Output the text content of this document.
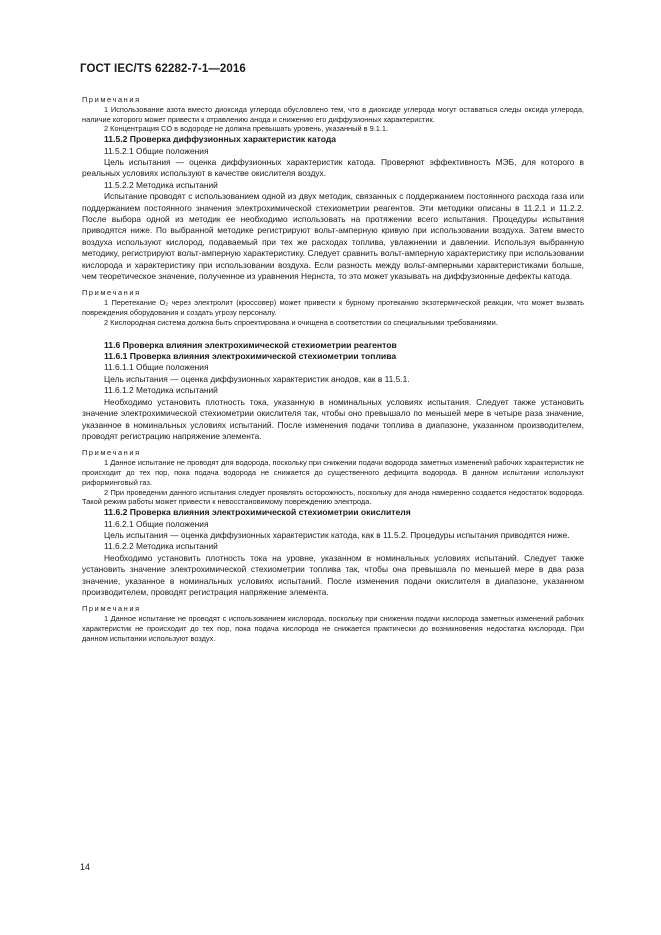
ГОСТ IEC/TS 62282-7-1—2016

Примечания

1 Использование азота вместо диоксида углерода обусловлено тем, что в диоксиде углерода могут оставаться следы оксида углерода, наличие которого может привести к отравлению анода и снижению его диффузионных характеристик.

2 Концентрация CO в водороде не должна превышать уровень, указанный в 9.1.1.

11.5.2 Проверка диффузионных характеристик катода

11.5.2.1 Общие положения

Цель испытания — оценка диффузионных характеристик катода. Проверяют эффективность МЭБ, для которого в реальных условиях используют в качестве окислителя воздух.

11.5.2.2 Методика испытаний

Испытание проводят с использованием одной из двух методик, связанных с поддержанием постоянного расхода газа или поддержанием постоянного значения электрохимической стехиометрии реагентов. Эти методики описаны в 11.2.1 и 11.2.2. После выбора одной из методик ее необходимо использовать на протяжении всего испытания. Процедуры испытания приводятся ниже. По выбранной методике регистрируют вольт-амперную кривую при использовании воздуха. Затем вместо воздуха используют кислород, подаваемый при тех же расходах топлива, увлажнении и давлении. Используя выбранную методику, регистрируют вольт-амперную характеристику. Следует сравнить вольт-амперную характеристику при использовании кислорода и характеристику при использовании воздуха. Если разность между вольт-амперными характеристиками больше, чем теоретическое значение, полученное из уравнения Нернста, то это может указывать на диффузионные дефекты катода.

Примечания

1 Перетекание O₂ через электролит (кроссовер) может привести к бурному протеканию экзотермической реакции, что может вызвать повреждения оборудования и создать угрозу персоналу.

2 Кислородная система должна быть спроектирована и очищена в соответствии со специальными требованиями.

11.6 Проверка влияния электрохимической стехиометрии реагентов

11.6.1 Проверка влияния электрохимической стехиометрии топлива

11.6.1.1 Общие положения

Цель испытания — оценка диффузионных характеристик анодов, как в 11.5.1.

11.6.1.2 Методика испытаний

Необходимо установить плотность тока, указанную в номинальных условиях испытания. Следует также установить значение электрохимической стехиометрии окислителя так, чтобы оно превышало по меньшей мере в четыре раза значение, указанное в номинальных условиях испытаний. После изменения подачи топлива в диапазоне, указанном производителем, проводят регистрацию напряжение элемента.

Примечания

1 Данное испытание не проводят для водорода, поскольку при снижении подачи водорода заметных изменений рабочих характеристик не происходит до тех пор, пока подача водорода не снижается до существенного дефицита водорода. В данном испытании используют риформинговый газ.

2 При проведении данного испытания следует проявлять осторожность, поскольку для анода намеренно создается недостаток водорода. Такой режим работы может привести к невосстановимому повреждению электрода.

11.6.2 Проверка влияния электрохимической стехиометрии окислителя

11.6.2.1 Общие положения

Цель испытания — оценка диффузионных характеристик катода, как в 11.5.2. Процедуры испытания приводятся ниже.

11.6.2.2 Методика испытаний

Необходимо установить плотность тока на уровне, указанном в номинальных условиях испытаний. Следует также установить значение электрохимической стехиометрии топлива так, чтобы она превышала по меньшей мере в два раза значение, указанное в номинальных условиях испытаний. После изменения подачи окислителя в диапазоне, указанном производителем, проводят регистрация напряжение элемента.

Примечания

1 Данное испытание не проводят с использованием кислорода, поскольку при снижении подачи кислорода заметных изменений рабочих характеристик не происходит до тех пор, пока подача кислорода не снижается практически до возникновения недостатка кислорода. При данном испытании используют воздух.

14
